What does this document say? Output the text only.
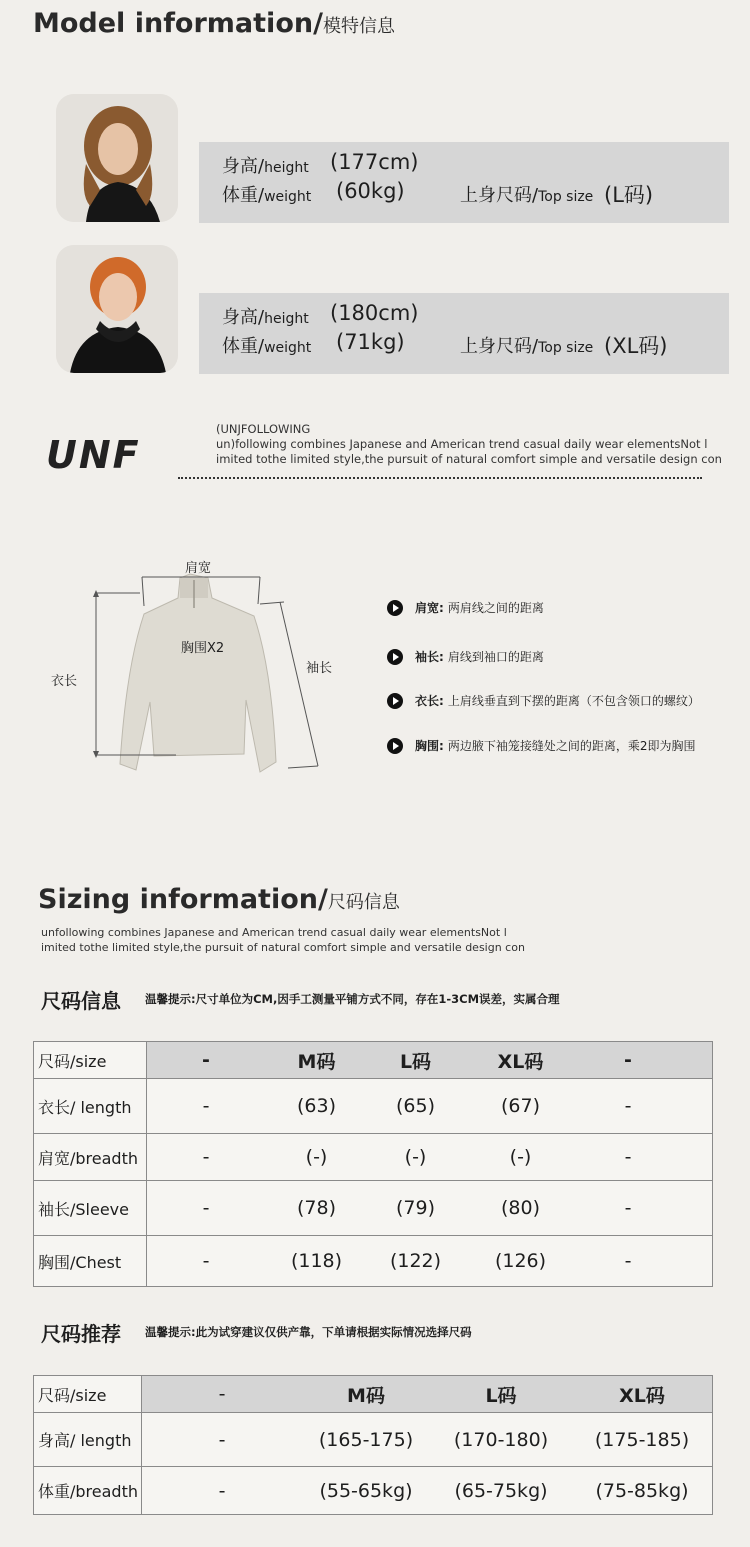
Model information/模特信息
身高/height (177cm)
体重/weight (60kg)	上身尺码/Top size (L码)
身高/height (180cm)
体重/weight (71kg)	上身尺码/Top size (XL码)
UNF
(UNJFOLLOWING
un)following combines Japanese and American trend casual daily wear elementsNot l
imited tothe limited style,the pursuit of natural comfort simple and versatile design con
肩宽
胸围X2
衣长
袖长
肩宽: 两肩线之间的距离
袖长: 肩线到袖口的距离
衣长: 上肩线垂直到下摆的距离（不包含领口的螺纹）
胸围: 两边腋下袖笼接缝处之间的距离，乘2即为胸围
Sizing information/尺码信息
unfollowing combines Japanese and American trend casual daily wear elementsNot l
imited tothe limited style,the pursuit of natural comfort simple and versatile design con
尺码信息 温馨提示:尺寸单位为CM,因手工测量平铺方式不同，存在1-3CM误差，实属合理
尺码/size	- M码 L码 XL码 -

衣长/ length	- (63) (65) (67) -

肩宽/breadth	- (-) (-) (-) -

袖长/Sleeve	- (78) (79) (80) -

胸围/Chest	- (118) (122) (126) -
尺码推荐 温馨提示:此为试穿建议仅供产靠，下单请根据实际情况选择尺码
尺码/size	- M码 L码 XL码

身高/ length	- (165-175) (170-180) (175-185)

体重/breadth	- (55-65kg) (65-75kg) (75-85kg)
